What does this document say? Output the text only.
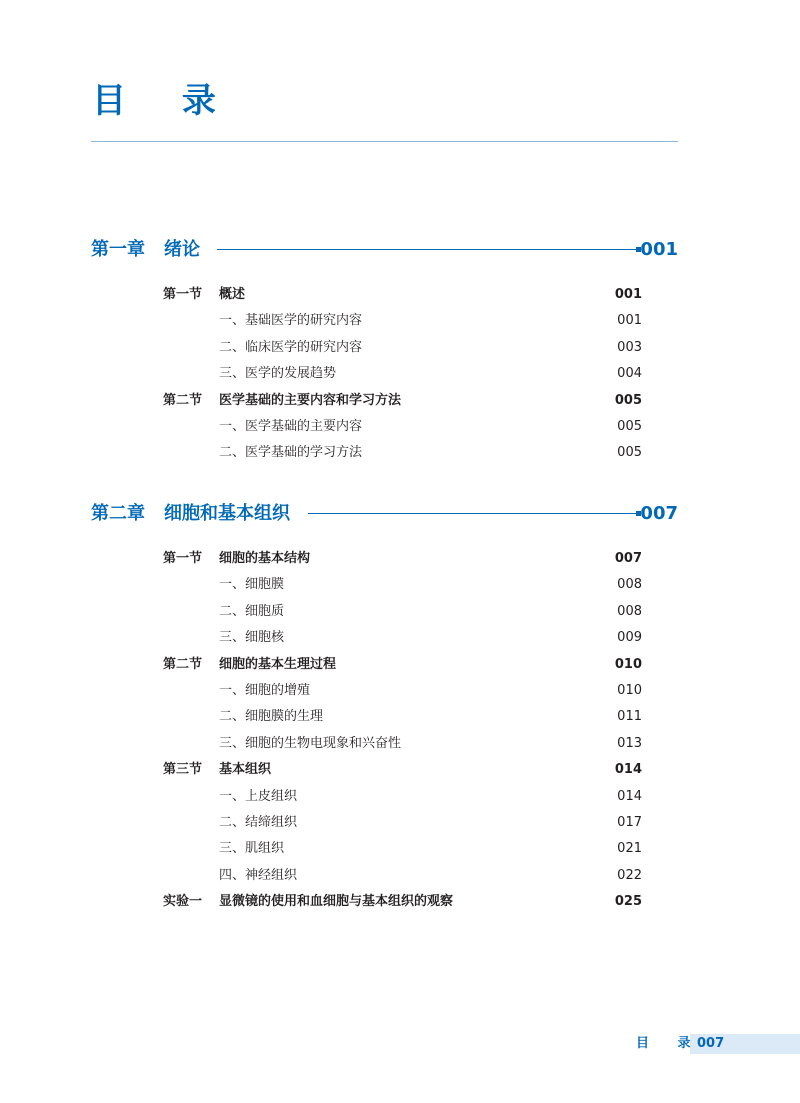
目 录
第一章 绪论	001
第一节 概述	001
一、基础医学的研究内容	001
二、临床医学的研究内容	003
三、医学的发展趋势	004
第二节 医学基础的主要内容和学习方法	005
一、医学基础的主要内容	005
二、医学基础的学习方法	005
第二章 细胞和基本组织	007
第一节 细胞的基本结构	007
一、细胞膜	008
二、细胞质	008
三、细胞核	009
第二节 细胞的基本生理过程	010
一、细胞的增殖	010
二、细胞膜的生理	011
三、细胞的生物电现象和兴奋性	013
第三节 基本组织	014
一、上皮组织	014
二、结缔组织	017
三、肌组织	021
四、神经组织	022
实验一 显微镜的使用和血细胞与基本组织的观察	025
目 录
007
